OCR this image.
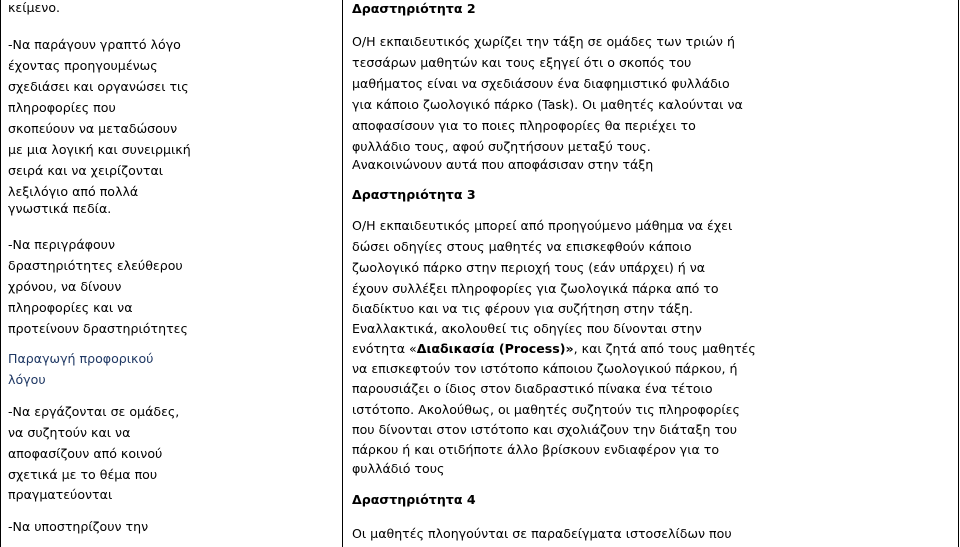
κείμενο.
-Να παράγουν γραπτό λόγο
έχοντας προηγουμένως
σχεδιάσει και οργανώσει τις
πληροφορίες που
σκοπεύουν να μεταδώσουν
με μια λογική και συνειρμική
σειρά και να χειρίζονται
λεξιλόγιο από πολλά
γνωστικά πεδία.
-Να περιγράφουν
δραστηριότητες ελεύθερου
χρόνου, να δίνουν
πληροφορίες και να
προτείνουν δραστηριότητες
Παραγωγή προφορικού
λόγου
-Να εργάζονται σε ομάδες,
να συζητούν και να
αποφασίζουν από κοινού
σχετικά με το θέμα που
πραγματεύονται
-Να υποστηρίζουν την
Δραστηριότητα 2
Ο/Η εκπαιδευτικός χωρίζει την τάξη σε ομάδες των τριών ή
τεσσάρων μαθητών και τους εξηγεί ότι ο σκοπός του
μαθήματος είναι να σχεδιάσουν ένα διαφημιστικό φυλλάδιο
για κάποιο ζωολογικό πάρκο (Task). Οι μαθητές καλούνται να
αποφασίσουν για το ποιες πληροφορίες θα περιέχει το
φυλλάδιο τους, αφού συζητήσουν μεταξύ τους.
Ανακοινώνουν αυτά που αποφάσισαν στην τάξη
Δραστηριότητα 3
Ο/Η εκπαιδευτικός μπορεί από προηγούμενο μάθημα να έχει
δώσει οδηγίες στους μαθητές να επισκεφθούν κάποιο
ζωολογικό πάρκο στην περιοχή τους (εάν υπάρχει) ή να
έχουν συλλέξει πληροφορίες για ζωολογικά πάρκα από το
διαδίκτυο και να τις φέρουν για συζήτηση στην τάξη.
Εναλλακτικά, ακολουθεί τις οδηγίες που δίνονται στην
ενότητα «Διαδικασία (Process)», και ζητά από τους μαθητές
να επισκεφτούν τον ιστότοπο κάποιου ζωολογικού πάρκου, ή
παρουσιάζει ο ίδιος στον διαδραστικό πίνακα ένα τέτοιο
ιστότοπο. Ακολούθως, οι μαθητές συζητούν τις πληροφορίες
που δίνονται στον ιστότοπο και σχολιάζουν την διάταξη του
πάρκου ή και οτιδήποτε άλλο βρίσκουν ενδιαφέρον για το
φυλλάδιό τους
Δραστηριότητα 4
Οι μαθητές πλοηγούνται σε παραδείγματα ιστοσελίδων που
